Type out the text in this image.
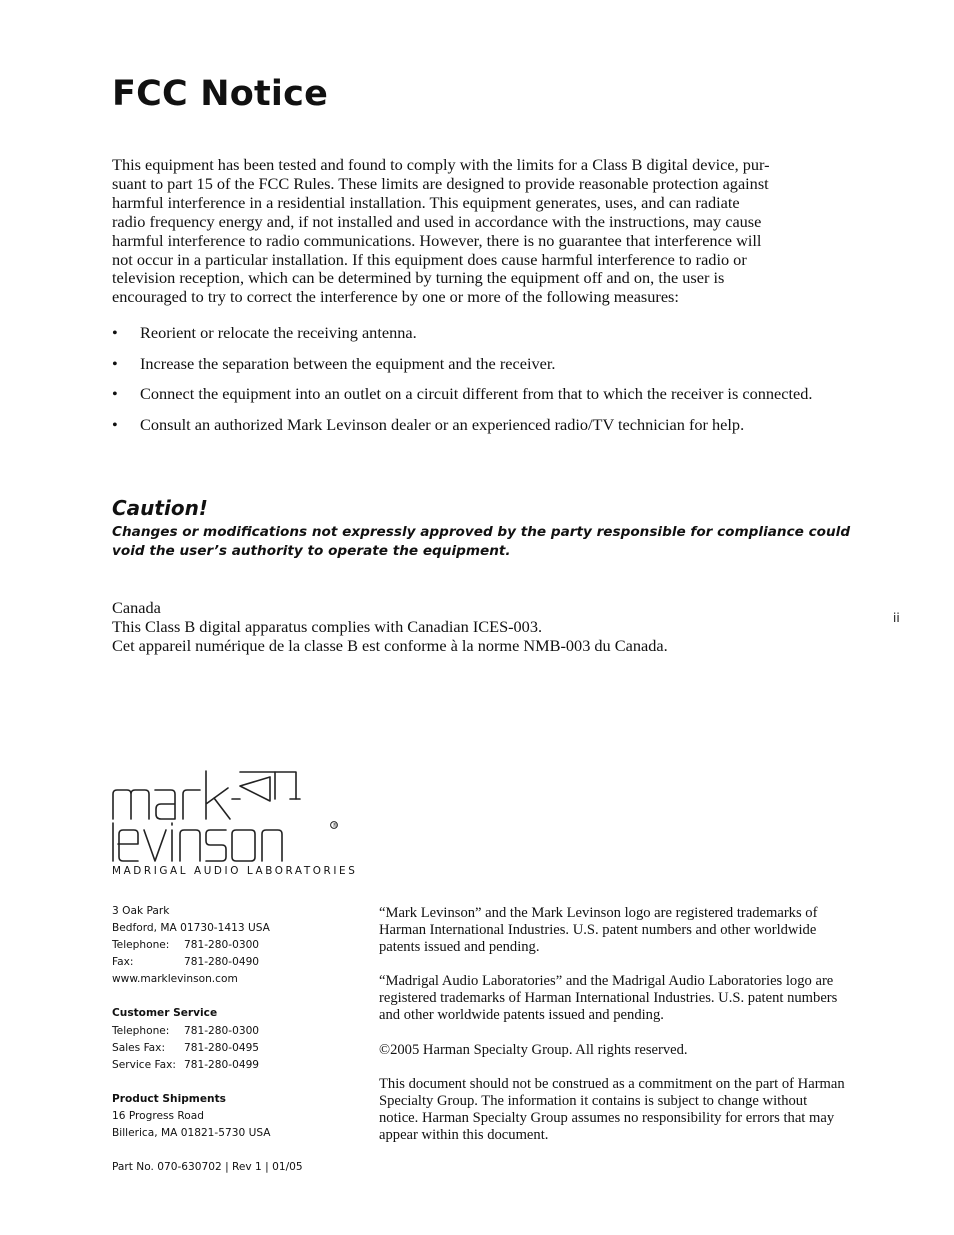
FCC Notice
This equipment has been tested and found to comply with the limits for a Class B digital device, pur-
suant to part 15 of the FCC Rules. These limits are designed to provide reasonable protection against
harmful interference in a residential installation. This equipment generates, uses, and can radiate
radio frequency energy and, if not installed and used in accordance with the instructions, may cause
harmful interference to radio communications. However, there is no guarantee that interference will
not occur in a particular installation. If this equipment does cause harmful interference to radio or
television reception, which can be determined by turning the equipment off and on, the user is
encouraged to try to correct the interference by one or more of the following measures:
• Reorient or relocate the receiving antenna.
• Increase the separation between the equipment and the receiver.
• Connect the equipment into an outlet on a circuit different from that to which the receiver is connected.
• Consult an authorized Mark Levinson dealer or an experienced radio/TV technician for help.
Caution!

Changes or modifications not expressly approved by the party responsible for compliance could void the user’s authority to operate the equipment.

Canada
This Class B digital apparatus complies with Canadian ICES-003.
Cet appareil numérique de la classe B est conforme à la norme NMB-003 du Canada.
ii
®
MADRIGAL AUDIO LABORATORIES
3 Oak Park
Bedford, MA 01730-1413 USA
Telephone: 781-280-0300
Fax:	781-280-0490
www.marklevinson.com
Customer Service
Telephone: 781-280-0300
Sales Fax: 781-280-0495
Service Fax: 781-280-0499
Product Shipments
16 Progress Road
Billerica, MA 01821-5730 USA
Part No. 070-630702 | Rev 1 | 01/05

“Mark Levinson” and the Mark Levinson logo are registered trademarks of Harman International Industries. U.S. patent numbers and other worldwide patents issued and pending.

“Madrigal Audio Laboratories” and the Madrigal Audio Laboratories logo are registered trademarks of Harman International Industries. U.S. patent numbers and other worldwide patents issued and pending.

©2005 Harman Specialty Group. All rights reserved.

This document should not be construed as a commitment on the part of Harman Specialty Group. The information it contains is subject to change without notice. Harman Specialty Group assumes no responsibility for errors that may appear within this document.
